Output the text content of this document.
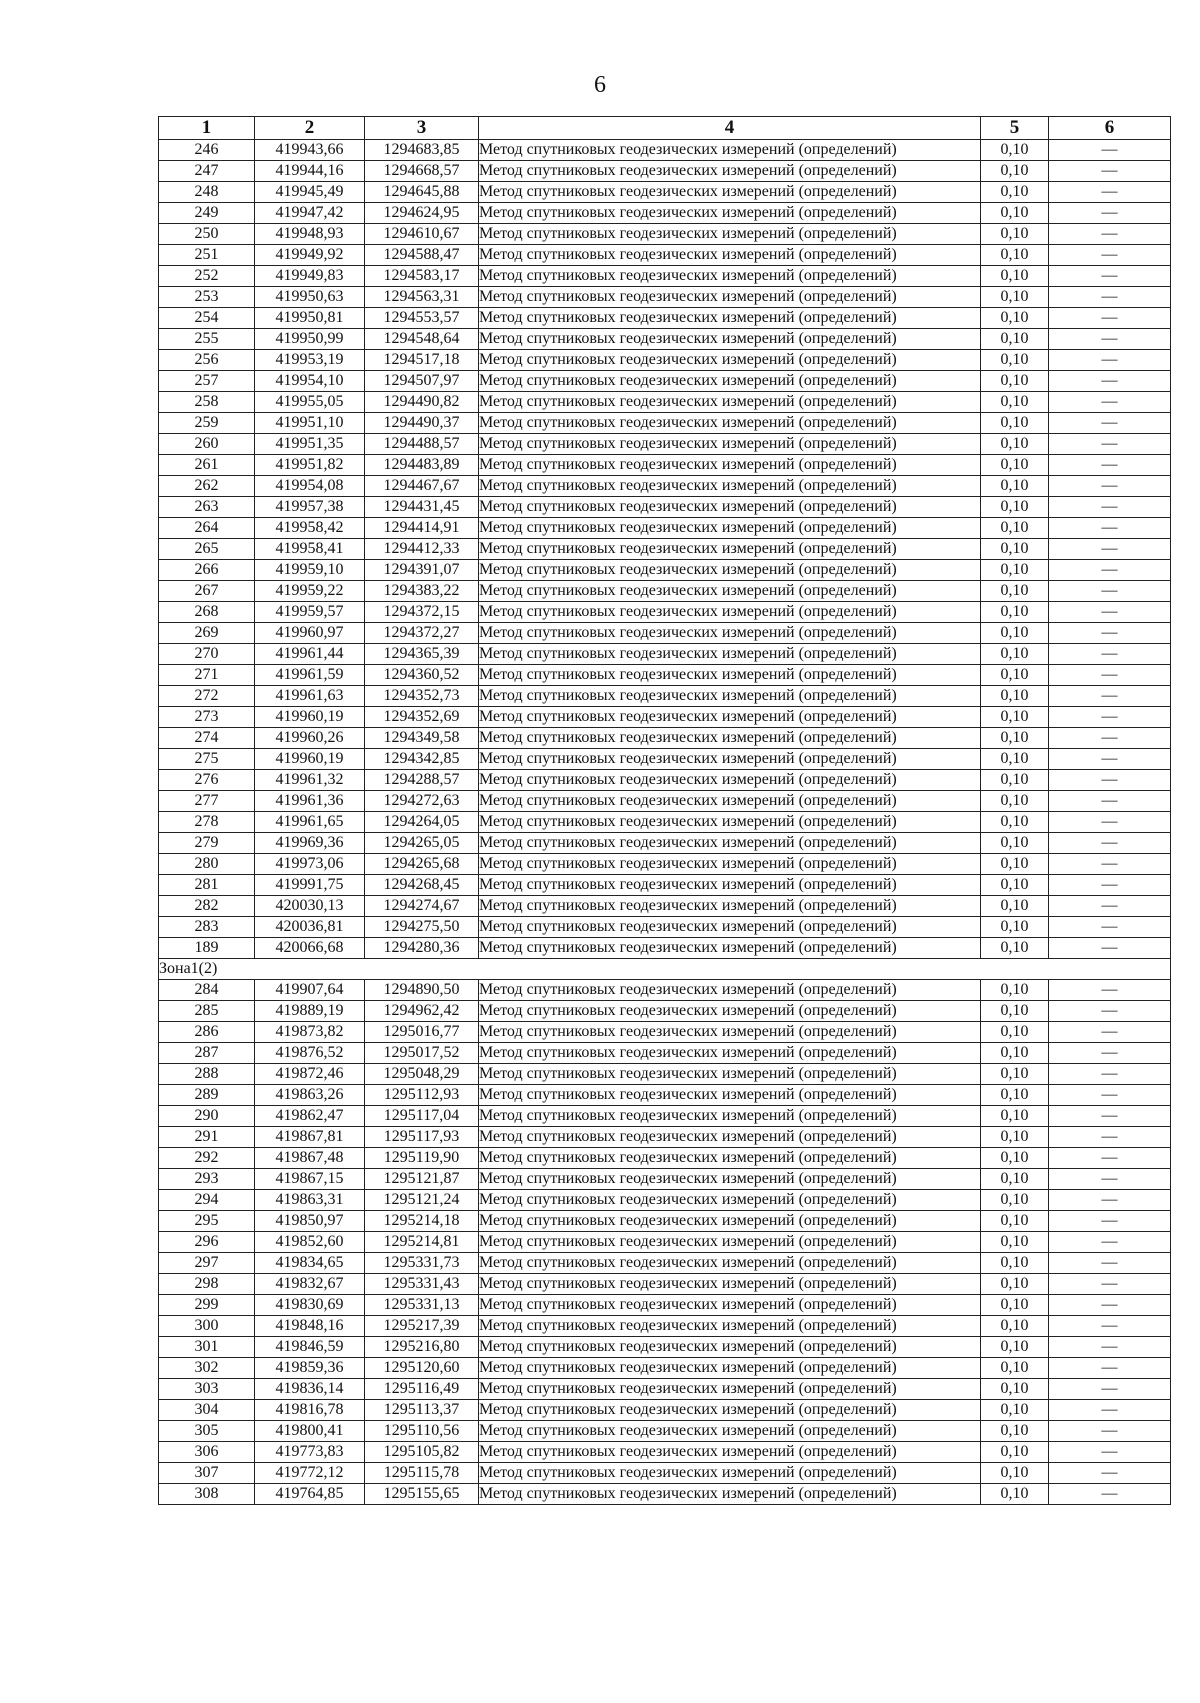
6
1	2	3	4	5	6
246	419943,66	1294683,85	Метод спутниковых геодезических измерений (определений)	0,10	—
247	419944,16	1294668,57	Метод спутниковых геодезических измерений (определений)	0,10	—
248	419945,49	1294645,88	Метод спутниковых геодезических измерений (определений)	0,10	—
249	419947,42	1294624,95	Метод спутниковых геодезических измерений (определений)	0,10	—
250	419948,93	1294610,67	Метод спутниковых геодезических измерений (определений)	0,10	—
251	419949,92	1294588,47	Метод спутниковых геодезических измерений (определений)	0,10	—
252	419949,83	1294583,17	Метод спутниковых геодезических измерений (определений)	0,10	—
253	419950,63	1294563,31	Метод спутниковых геодезических измерений (определений)	0,10	—
254	419950,81	1294553,57	Метод спутниковых геодезических измерений (определений)	0,10	—
255	419950,99	1294548,64	Метод спутниковых геодезических измерений (определений)	0,10	—
256	419953,19	1294517,18	Метод спутниковых геодезических измерений (определений)	0,10	—
257	419954,10	1294507,97	Метод спутниковых геодезических измерений (определений)	0,10	—
258	419955,05	1294490,82	Метод спутниковых геодезических измерений (определений)	0,10	—
259	419951,10	1294490,37	Метод спутниковых геодезических измерений (определений)	0,10	—
260	419951,35	1294488,57	Метод спутниковых геодезических измерений (определений)	0,10	—
261	419951,82	1294483,89	Метод спутниковых геодезических измерений (определений)	0,10	—
262	419954,08	1294467,67	Метод спутниковых геодезических измерений (определений)	0,10	—
263	419957,38	1294431,45	Метод спутниковых геодезических измерений (определений)	0,10	—
264	419958,42	1294414,91	Метод спутниковых геодезических измерений (определений)	0,10	—
265	419958,41	1294412,33	Метод спутниковых геодезических измерений (определений)	0,10	—
266	419959,10	1294391,07	Метод спутниковых геодезических измерений (определений)	0,10	—
267	419959,22	1294383,22	Метод спутниковых геодезических измерений (определений)	0,10	—
268	419959,57	1294372,15	Метод спутниковых геодезических измерений (определений)	0,10	—
269	419960,97	1294372,27	Метод спутниковых геодезических измерений (определений)	0,10	—
270	419961,44	1294365,39	Метод спутниковых геодезических измерений (определений)	0,10	—
271	419961,59	1294360,52	Метод спутниковых геодезических измерений (определений)	0,10	—
272	419961,63	1294352,73	Метод спутниковых геодезических измерений (определений)	0,10	—
273	419960,19	1294352,69	Метод спутниковых геодезических измерений (определений)	0,10	—
274	419960,26	1294349,58	Метод спутниковых геодезических измерений (определений)	0,10	—
275	419960,19	1294342,85	Метод спутниковых геодезических измерений (определений)	0,10	—
276	419961,32	1294288,57	Метод спутниковых геодезических измерений (определений)	0,10	—
277	419961,36	1294272,63	Метод спутниковых геодезических измерений (определений)	0,10	—
278	419961,65	1294264,05	Метод спутниковых геодезических измерений (определений)	0,10	—
279	419969,36	1294265,05	Метод спутниковых геодезических измерений (определений)	0,10	—
280	419973,06	1294265,68	Метод спутниковых геодезических измерений (определений)	0,10	—
281	419991,75	1294268,45	Метод спутниковых геодезических измерений (определений)	0,10	—
282	420030,13	1294274,67	Метод спутниковых геодезических измерений (определений)	0,10	—
283	420036,81	1294275,50	Метод спутниковых геодезических измерений (определений)	0,10	—
189	420066,68	1294280,36	Метод спутниковых геодезических измерений (определений)	0,10	—
Зона1(2)					
284	419907,64	1294890,50	Метод спутниковых геодезических измерений (определений)	0,10	—
285	419889,19	1294962,42	Метод спутниковых геодезических измерений (определений)	0,10	—
286	419873,82	1295016,77	Метод спутниковых геодезических измерений (определений)	0,10	—
287	419876,52	1295017,52	Метод спутниковых геодезических измерений (определений)	0,10	—
288	419872,46	1295048,29	Метод спутниковых геодезических измерений (определений)	0,10	—
289	419863,26	1295112,93	Метод спутниковых геодезических измерений (определений)	0,10	—
290	419862,47	1295117,04	Метод спутниковых геодезических измерений (определений)	0,10	—
291	419867,81	1295117,93	Метод спутниковых геодезических измерений (определений)	0,10	—
292	419867,48	1295119,90	Метод спутниковых геодезических измерений (определений)	0,10	—
293	419867,15	1295121,87	Метод спутниковых геодезических измерений (определений)	0,10	—
294	419863,31	1295121,24	Метод спутниковых геодезических измерений (определений)	0,10	—
295	419850,97	1295214,18	Метод спутниковых геодезических измерений (определений)	0,10	—
296	419852,60	1295214,81	Метод спутниковых геодезических измерений (определений)	0,10	—
297	419834,65	1295331,73	Метод спутниковых геодезических измерений (определений)	0,10	—
298	419832,67	1295331,43	Метод спутниковых геодезических измерений (определений)	0,10	—
299	419830,69	1295331,13	Метод спутниковых геодезических измерений (определений)	0,10	—
300	419848,16	1295217,39	Метод спутниковых геодезических измерений (определений)	0,10	—
301	419846,59	1295216,80	Метод спутниковых геодезических измерений (определений)	0,10	—
302	419859,36	1295120,60	Метод спутниковых геодезических измерений (определений)	0,10	—
303	419836,14	1295116,49	Метод спутниковых геодезических измерений (определений)	0,10	—
304	419816,78	1295113,37	Метод спутниковых геодезических измерений (определений)	0,10	—
305	419800,41	1295110,56	Метод спутниковых геодезических измерений (определений)	0,10	—
306	419773,83	1295105,82	Метод спутниковых геодезических измерений (определений)	0,10	—
307	419772,12	1295115,78	Метод спутниковых геодезических измерений (определений)	0,10	—
308	419764,85	1295155,65	Метод спутниковых геодезических измерений (определений)	0,10	—
